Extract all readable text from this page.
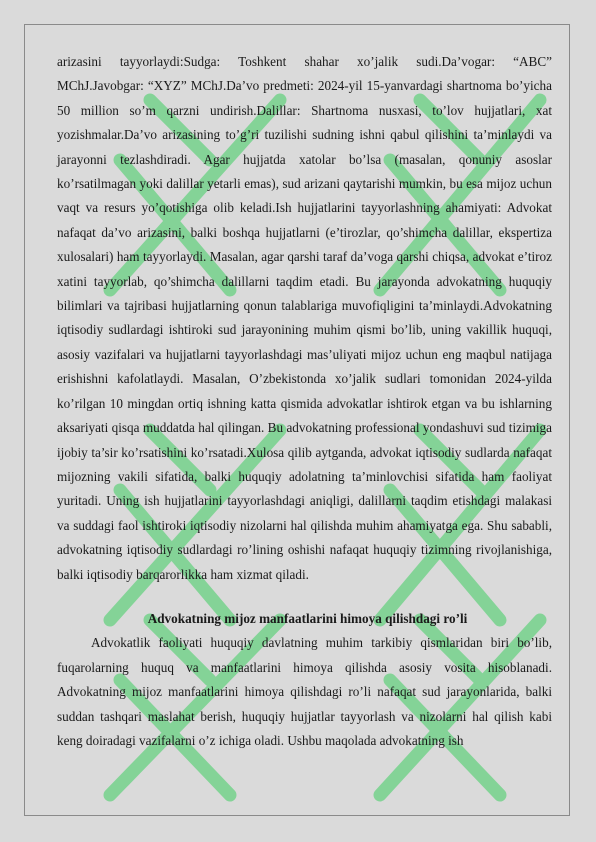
arizasini tayyorlaydi:Sudga: Toshkent shahar xo’jalik sudi.Da’vogar: “ABC” MChJ.Javobgar: “XYZ” MChJ.Da’vo predmeti: 2024-yil 15-yanvardagi shartnoma bo’yicha 50 million so’m qarzni undirish.Dalillar: Shartnoma nusxasi, to’lov hujjatlari, xat yozishmalar.Da’vo arizasining to’g’ri tuzilishi sudning ishni qabul qilishini ta’minlaydi va jarayonni tezlashdiradi. Agar hujjatda xatolar bo’lsa (masalan, qonuniy asoslar ko’rsatilmagan yoki dalillar yetarli emas), sud arizani qaytarishi mumkin, bu esa mijoz uchun vaqt va resurs yo’qotishiga olib keladi.Ish hujjatlarini tayyorlashning ahamiyati: Advokat nafaqat da’vo arizasini, balki boshqa hujjatlarni (e’tirozlar, qo’shimcha dalillar, ekspertiza xulosalari) ham tayyorlaydi. Masalan, agar qarshi taraf da’voga qarshi chiqsa, advokat e’tiroz xatini tayyorlab, qo’shimcha dalillarni taqdim etadi. Bu jarayonda advokatning huquqiy bilimlari va tajribasi hujjatlarning qonun talablariga muvofiqligini ta’minlaydi.Advokatning iqtisodiy sudlardagi ishtiroki sud jarayonining muhim qismi bo’lib, uning vakillik huquqi, asosiy vazifalari va hujjatlarni tayyorlashdagi mas’uliyati mijoz uchun eng maqbul natijaga erishishni kafolatlaydi. Masalan, O’zbekistonda xo’jalik sudlari tomonidan 2024-yilda ko’rilgan 10 mingdan ortiq ishning katta qismida advokatlar ishtirok etgan va bu ishlarning aksariyati qisqa muddatda hal qilingan. Bu advokatning professional yondashuvi sud tizimiga ijobiy ta’sir ko’rsatishini ko’rsatadi.Xulosa qilib aytganda, advokat iqtisodiy sudlarda nafaqat mijozning vakili sifatida, balki huquqiy adolatning ta’minlovchisi sifatida ham faoliyat yuritadi. Uning ish hujjatlarini tayyorlashdagi aniqligi, dalillarni taqdim etishdagi malakasi va suddagi faol ishtiroki iqtisodiy nizolarni hal qilishda muhim ahamiyatga ega. Shu sababli, advokatning iqtisodiy sudlardagi ro’lining oshishi nafaqat huquqiy tizimning rivojlanishiga, balki iqtisodiy barqarorlikka ham xizmat qiladi.

Advokatning mijoz manfaatlarini himoya qilishdagi ro’li

Advokatlik faoliyati huquqiy davlatning muhim tarkibiy qismlaridan biri bo’lib, fuqarolarning huquq va manfaatlarini himoya qilishda asosiy vosita hisoblanadi. Advokatning mijoz manfaatlarini himoya qilishdagi ro’li nafaqat sud jarayonlarida, balki suddan tashqari maslahat berish, huquqiy hujjatlar tayyorlash va nizolarni hal qilish kabi keng doiradagi vazifalarni o’z ichiga oladi. Ushbu maqolada advokatning ish
